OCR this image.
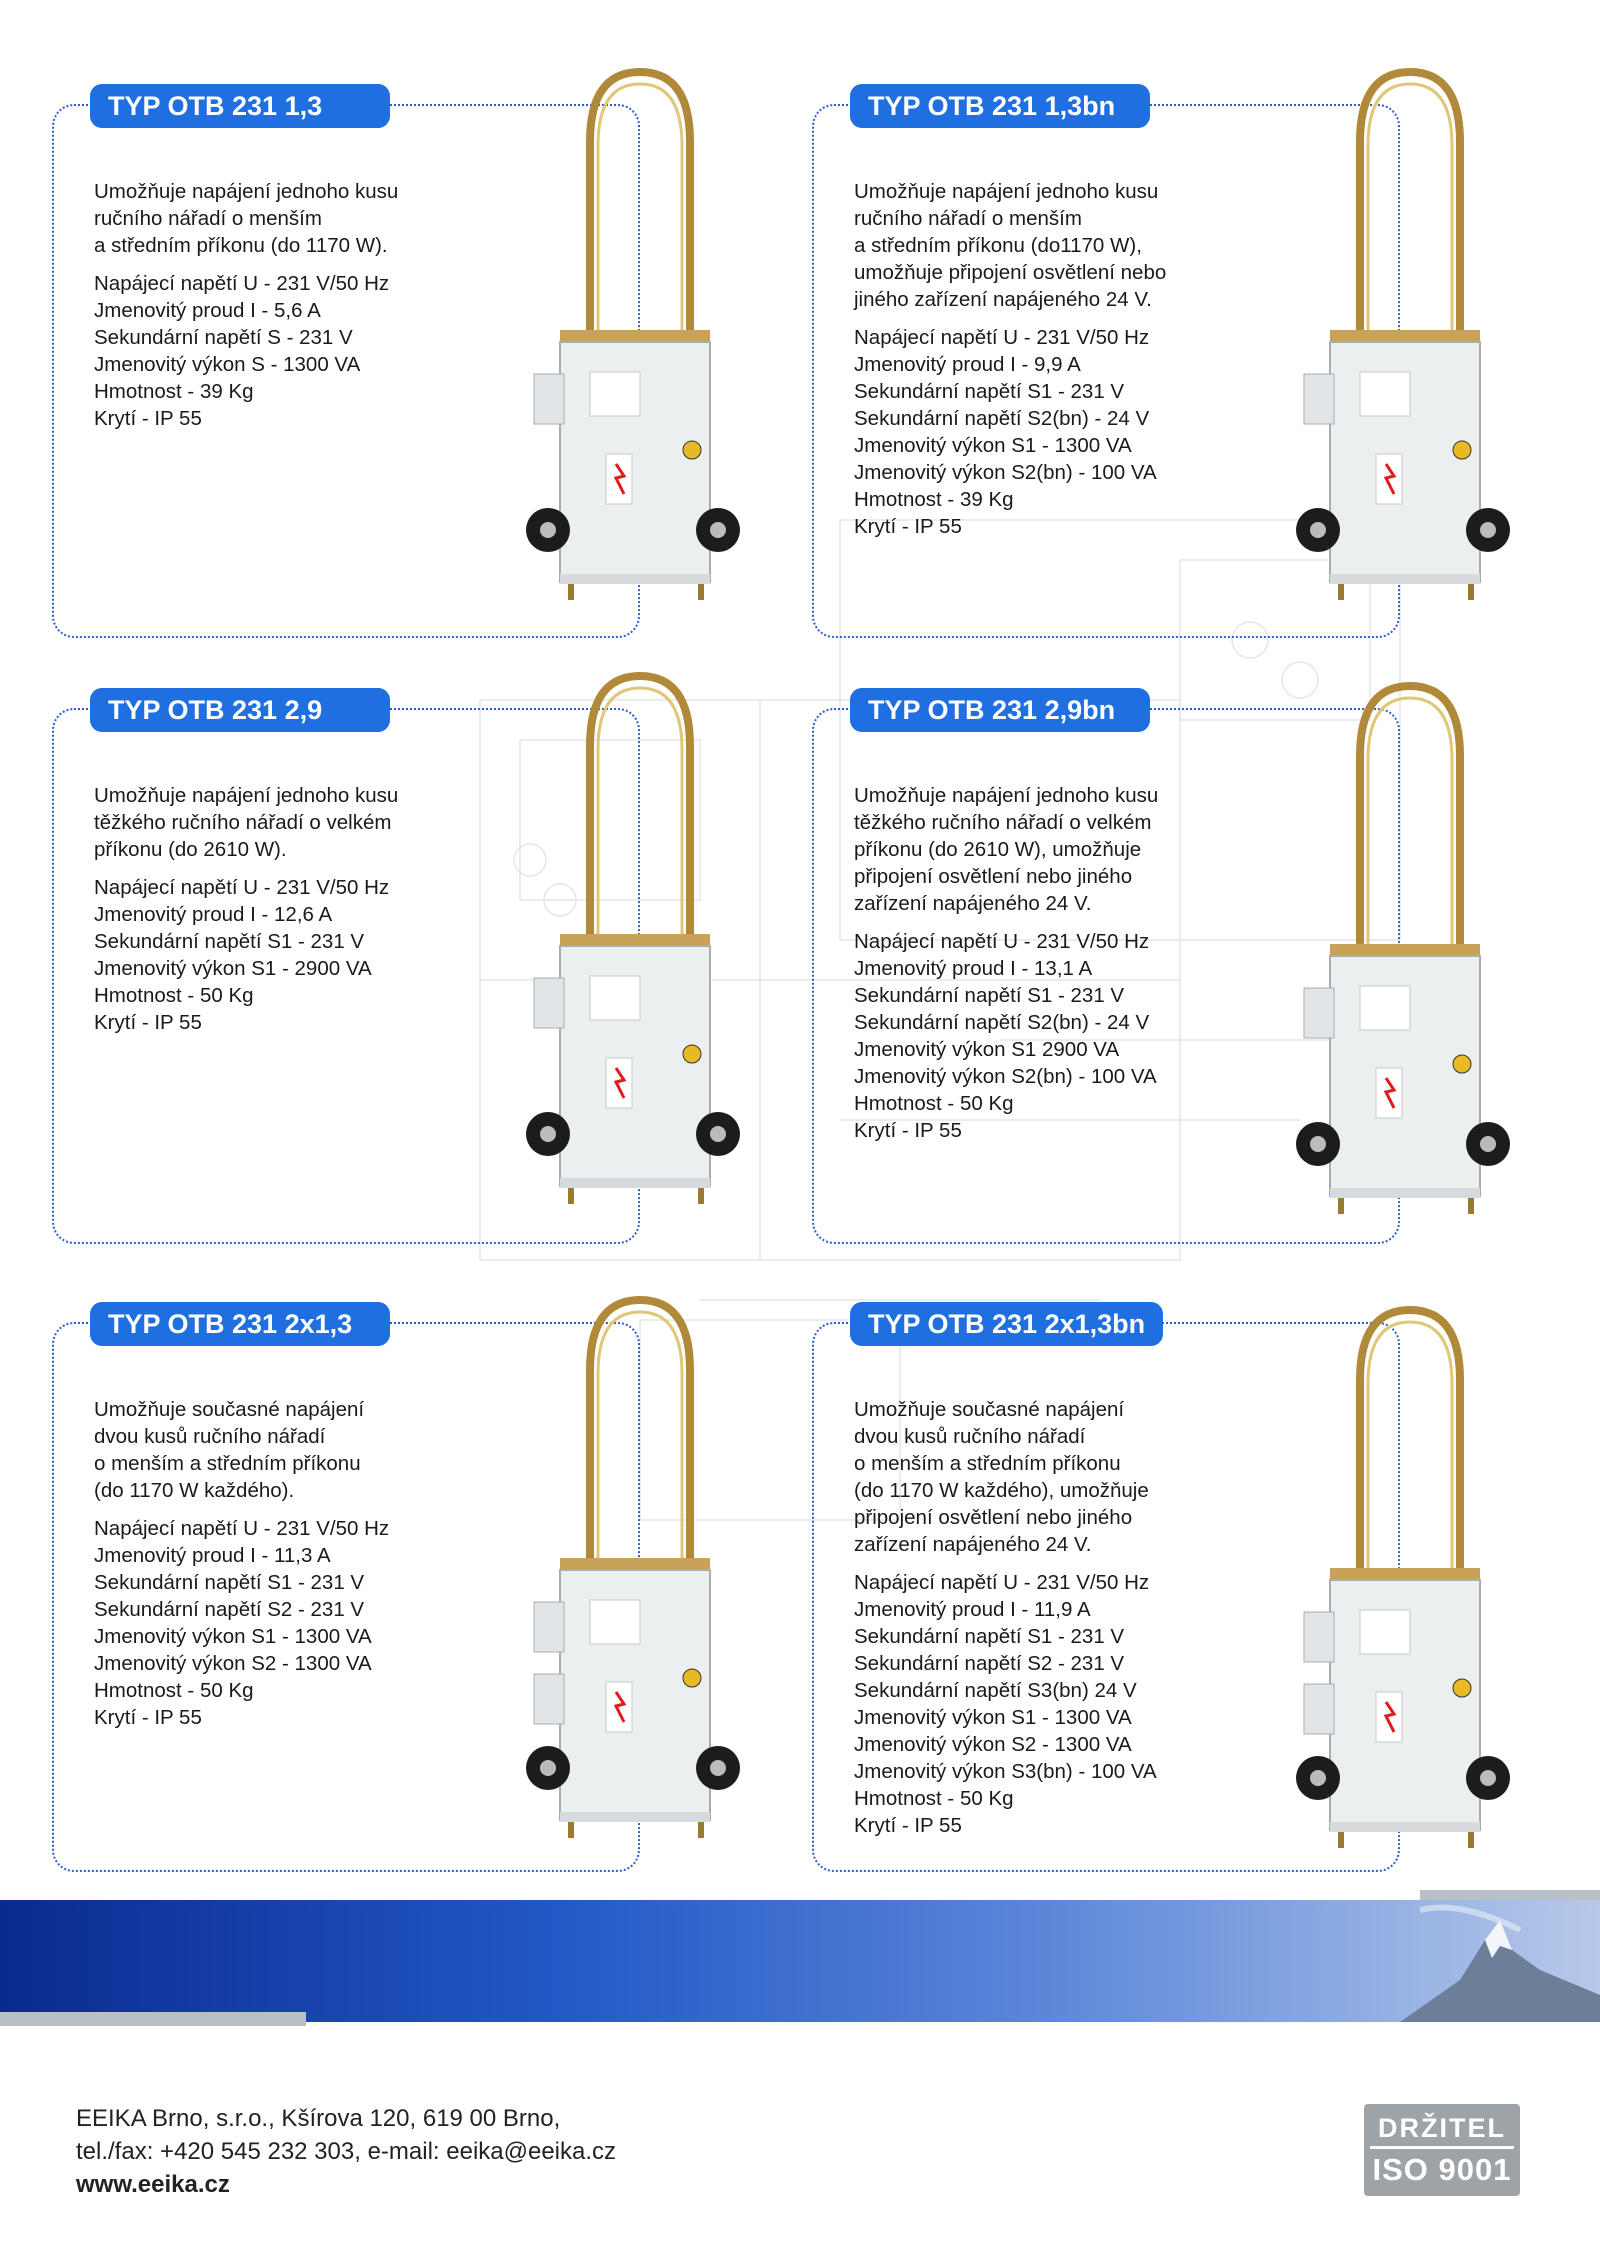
TYP OTB 231 1,3

Umožňuje napájení jednoho kusu
ručního nářadí o menším
a středním příkonu (do 1170 W).

Napájecí napětí U - 231 V/50 Hz
Jmenovitý proud I - 5,6 A
Sekundární napětí S - 231 V
Jmenovitý výkon S - 1300 VA
Hmotnost - 39 Kg
Krytí - IP 55
TYP OTB 231 1,3bn

Umožňuje napájení jednoho kusu
ručního nářadí o menším
a středním příkonu (do1170 W),
umožňuje připojení osvětlení nebo
jiného zařízení napájeného 24 V.

Napájecí napětí U - 231 V/50 Hz
Jmenovitý proud I - 9,9 A
Sekundární napětí S1 - 231 V
Sekundární napětí S2(bn) - 24 V
Jmenovitý výkon S1 - 1300 VA
Jmenovitý výkon S2(bn) - 100 VA
Hmotnost - 39 Kg
Krytí - IP 55
TYP OTB 231 2,9

Umožňuje napájení jednoho kusu
těžkého ručního nářadí o velkém
příkonu (do 2610 W).

Napájecí napětí U - 231 V/50 Hz
Jmenovitý proud I - 12,6 A
Sekundární napětí S1 - 231 V
Jmenovitý výkon S1 - 2900 VA
Hmotnost - 50 Kg
Krytí - IP 55
TYP OTB 231 2,9bn

Umožňuje napájení jednoho kusu
těžkého ručního nářadí o velkém
příkonu (do 2610 W), umožňuje
připojení osvětlení nebo jiného
zařízení napájeného 24 V.

Napájecí napětí U - 231 V/50 Hz
Jmenovitý proud I - 13,1 A
Sekundární napětí S1 - 231 V
Sekundární napětí S2(bn) - 24 V
Jmenovitý výkon S1 2900 VA
Jmenovitý výkon S2(bn) - 100 VA
Hmotnost - 50 Kg
Krytí - IP 55
TYP OTB 231 2x1,3

Umožňuje současné napájení
dvou kusů ručního nářadí
o menším a středním příkonu
(do 1170 W každého).

Napájecí napětí U - 231 V/50 Hz
Jmenovitý proud I - 11,3 A
Sekundární napětí S1 - 231 V
Sekundární napětí S2 - 231 V
Jmenovitý výkon S1 - 1300 VA
Jmenovitý výkon S2 - 1300 VA
Hmotnost - 50 Kg
Krytí - IP 55
TYP OTB 231 2x1,3bn

Umožňuje současné napájení
dvou kusů ručního nářadí
o menším a středním příkonu
(do 1170 W každého), umožňuje
připojení osvětlení nebo jiného
zařízení napájeného 24 V.

Napájecí napětí U - 231 V/50 Hz
Jmenovitý proud I - 11,9 A
Sekundární napětí S1 - 231 V
Sekundární napětí S2 - 231 V
Sekundární napětí S3(bn) 24 V
Jmenovitý výkon S1 - 1300 VA
Jmenovitý výkon S2 - 1300 VA
Jmenovitý výkon S3(bn) - 100 VA
Hmotnost - 50 Kg
Krytí - IP 55
EEIKA Brno, s.r.o., Kšírova 120, 619 00 Brno,
tel./fax: +420 545 232 303, e-mail: eeika@eeika.cz
www.eeika.cz
DRŽITEL
ISO 9001
